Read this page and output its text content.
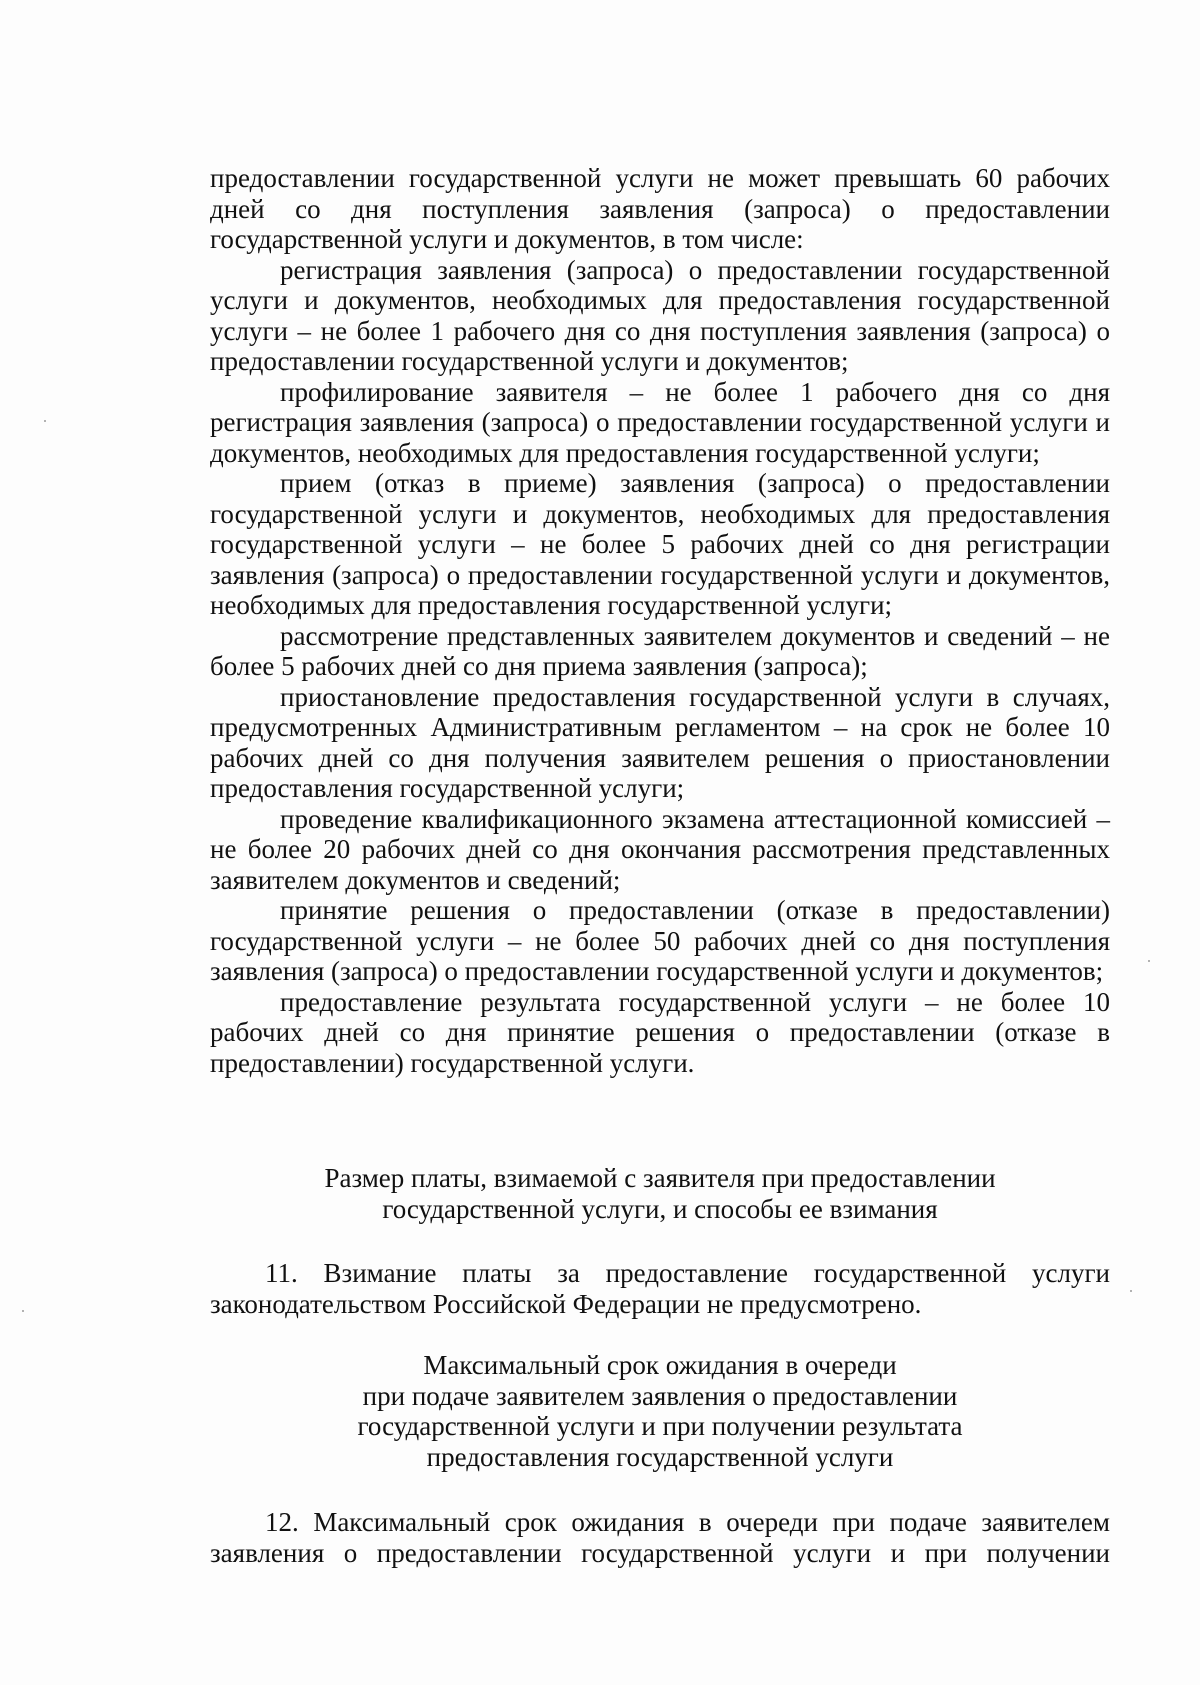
предоставлении государственной услуги не может превышать 60 рабочих дней со дня поступления заявления (запроса) о предоставлении государственной услуги и документов, в том числе:

регистрация заявления (запроса) о предоставлении государственной услуги и документов, необходимых для предоставления государственной услуги – не более 1 рабочего дня со дня поступления заявления (запроса) о предоставлении государственной услуги и документов;

профилирование заявителя – не более 1 рабочего дня со дня регистрация заявления (запроса) о предоставлении государственной услуги и документов, необходимых для предоставления государственной услуги;

прием (отказ в приеме) заявления (запроса) о предоставлении государственной услуги и документов, необходимых для предоставления государственной услуги – не более 5 рабочих дней со дня регистрации заявления (запроса) о предоставлении государственной услуги и документов, необходимых для предоставления государственной услуги;

рассмотрение представленных заявителем документов и сведений – не более 5 рабочих дней со дня приема заявления (запроса);

приостановление предоставления государственной услуги в случаях, предусмотренных Административным регламентом – на срок не более 10 рабочих дней со дня получения заявителем решения о приостановлении предоставления государственной услуги;

проведение квалификационного экзамена аттестационной комиссией – не более 20 рабочих дней со дня окончания рассмотрения представленных заявителем документов и сведений;

принятие решения о предоставлении (отказе в предоставлении) государственной услуги – не более 50 рабочих дней со дня поступления заявления (запроса) о предоставлении государственной услуги и документов;

предоставление результата государственной услуги – не более 10 рабочих дней со дня принятие решения о предоставлении (отказе в предоставлении) государственной услуги.

Размер платы, взимаемой с заявителя при предоставлении
государственной услуги, и способы ее взимания

11. Взимание платы за предоставление государственной услуги законодательством Российской Федерации не предусмотрено.

Максимальный срок ожидания в очереди
при подаче заявителем заявления о предоставлении
государственной услуги и при получении результата
предоставления государственной услуги

12. Максимальный срок ожидания в очереди при подаче заявителем заявления о предоставлении государственной услуги и при получении
